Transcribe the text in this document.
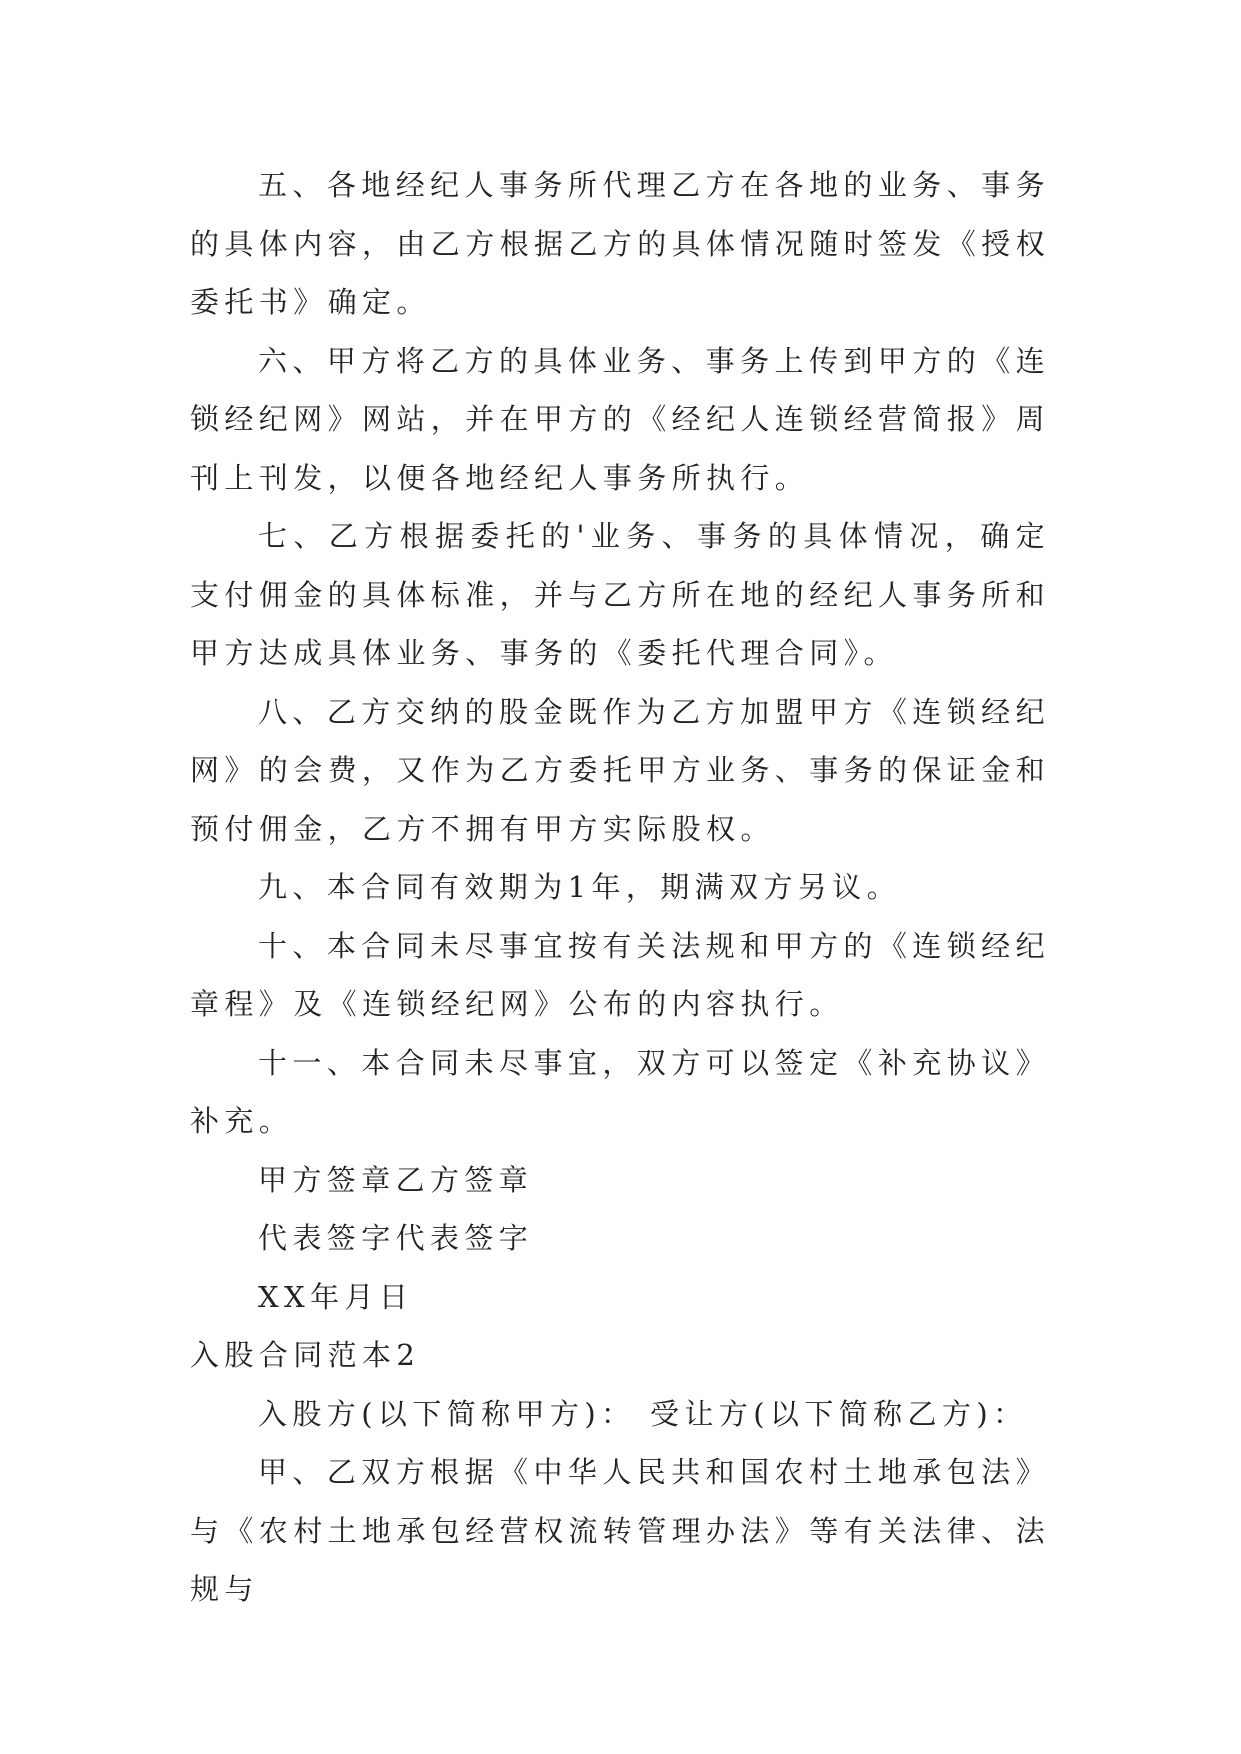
五、各地经纪人事务所代理乙方在各地的业务、事务的具体内容，由乙方根据乙方的具体情况随时签发《授权委托书》确定。

六、甲方将乙方的具体业务、事务上传到甲方的《连锁经纪网》网站，并在甲方的《经纪人连锁经营简报》周刊上刊发，以便各地经纪人事务所执行。

七、乙方根据委托的'业务、事务的具体情况，确定支付佣金的具体标准，并与乙方所在地的经纪人事务所和甲方达成具体业务、事务的《委托代理合同》。

八、乙方交纳的股金既作为乙方加盟甲方《连锁经纪网》的会费，又作为乙方委托甲方业务、事务的保证金和预付佣金，乙方不拥有甲方实际股权。

九、本合同有效期为1年，期满双方另议。

十、本合同未尽事宜按有关法规和甲方的《连锁经纪章程》及《连锁经纪网》公布的内容执行。

十一、本合同未尽事宜，双方可以签定《补充协议》补充。

甲方签章乙方签章

代表签字代表签字

XX年月日

入股合同范本2

入股方(以下简称甲方)： 受让方(以下简称乙方)：

甲、乙双方根据《中华人民共和国农村土地承包法》与《农村土地承包经营权流转管理办法》等有关法律、法规与
